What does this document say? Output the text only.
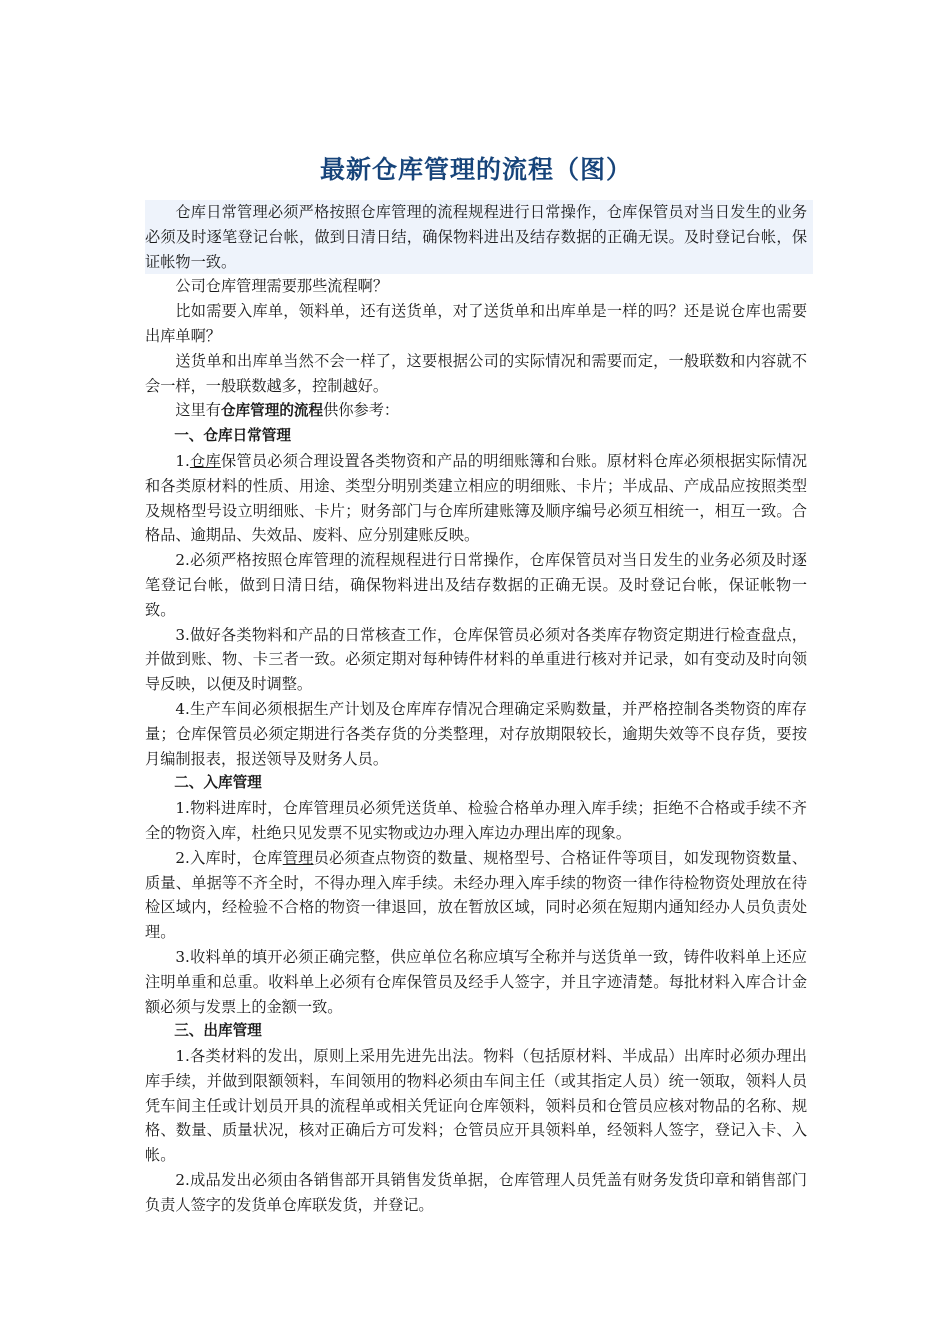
最新仓库管理的流程（图）

仓库日常管理必须严格按照仓库管理的流程规程进行日常操作，仓库保管员对当日发生的业务必须及时逐笔登记台帐，做到日清日结，确保物料进出及结存数据的正确无误。及时登记台帐，保证帐物一致。

公司仓库管理需要那些流程啊？

比如需要入库单，领料单，还有送货单，对了送货单和出库单是一样的吗？还是说仓库也需要出库单啊？

送货单和出库单当然不会一样了，这要根据公司的实际情况和需要而定，一般联数和内容就不会一样，一般联数越多，控制越好。

这里有仓库管理的流程供你参考：

一、仓库日常管理

1.仓库保管员必须合理设置各类物资和产品的明细账簿和台账。原材料仓库必须根据实际情况和各类原材料的性质、用途、类型分明别类建立相应的明细账、卡片；半成品、产成品应按照类型及规格型号设立明细账、卡片；财务部门与仓库所建账簿及顺序编号必须互相统一，相互一致。合格品、逾期品、失效品、废料、应分别建账反映。

2.必须严格按照仓库管理的流程规程进行日常操作，仓库保管员对当日发生的业务必须及时逐笔登记台帐，做到日清日结，确保物料进出及结存数据的正确无误。及时登记台帐，保证帐物一致。

3.做好各类物料和产品的日常核查工作，仓库保管员必须对各类库存物资定期进行检查盘点，并做到账、物、卡三者一致。必须定期对每种铸件材料的单重进行核对并记录，如有变动及时向领导反映，以便及时调整。

4.生产车间必须根据生产计划及仓库库存情况合理确定采购数量，并严格控制各类物资的库存量；仓库保管员必须定期进行各类存货的分类整理，对存放期限较长，逾期失效等不良存货，要按月编制报表，报送领导及财务人员。

二、入库管理

1.物料进库时，仓库管理员必须凭送货单、检验合格单办理入库手续；拒绝不合格或手续不齐全的物资入库，杜绝只见发票不见实物或边办理入库边办理出库的现象。

2.入库时，仓库管理员必须查点物资的数量、规格型号、合格证件等项目，如发现物资数量、质量、单据等不齐全时，不得办理入库手续。未经办理入库手续的物资一律作待检物资处理放在待检区域内，经检验不合格的物资一律退回，放在暂放区域，同时必须在短期内通知经办人员负责处理。

3.收料单的填开必须正确完整，供应单位名称应填写全称并与送货单一致，铸件收料单上还应注明单重和总重。收料单上必须有仓库保管员及经手人签字，并且字迹清楚。每批材料入库合计金额必须与发票上的金额一致。

三、出库管理

1.各类材料的发出，原则上采用先进先出法。物料（包括原材料、半成品）出库时必须办理出库手续，并做到限额领料，车间领用的物料必须由车间主任（或其指定人员）统一领取，领料人员凭车间主任或计划员开具的流程单或相关凭证向仓库领料，领料员和仓管员应核对物品的名称、规格、数量、质量状况，核对正确后方可发料；仓管员应开具领料单，经领料人签字，登记入卡、入帐。

2.成品发出必须由各销售部开具销售发货单据，仓库管理人员凭盖有财务发货印章和销售部门负责人签字的发货单仓库联发货，并登记。
